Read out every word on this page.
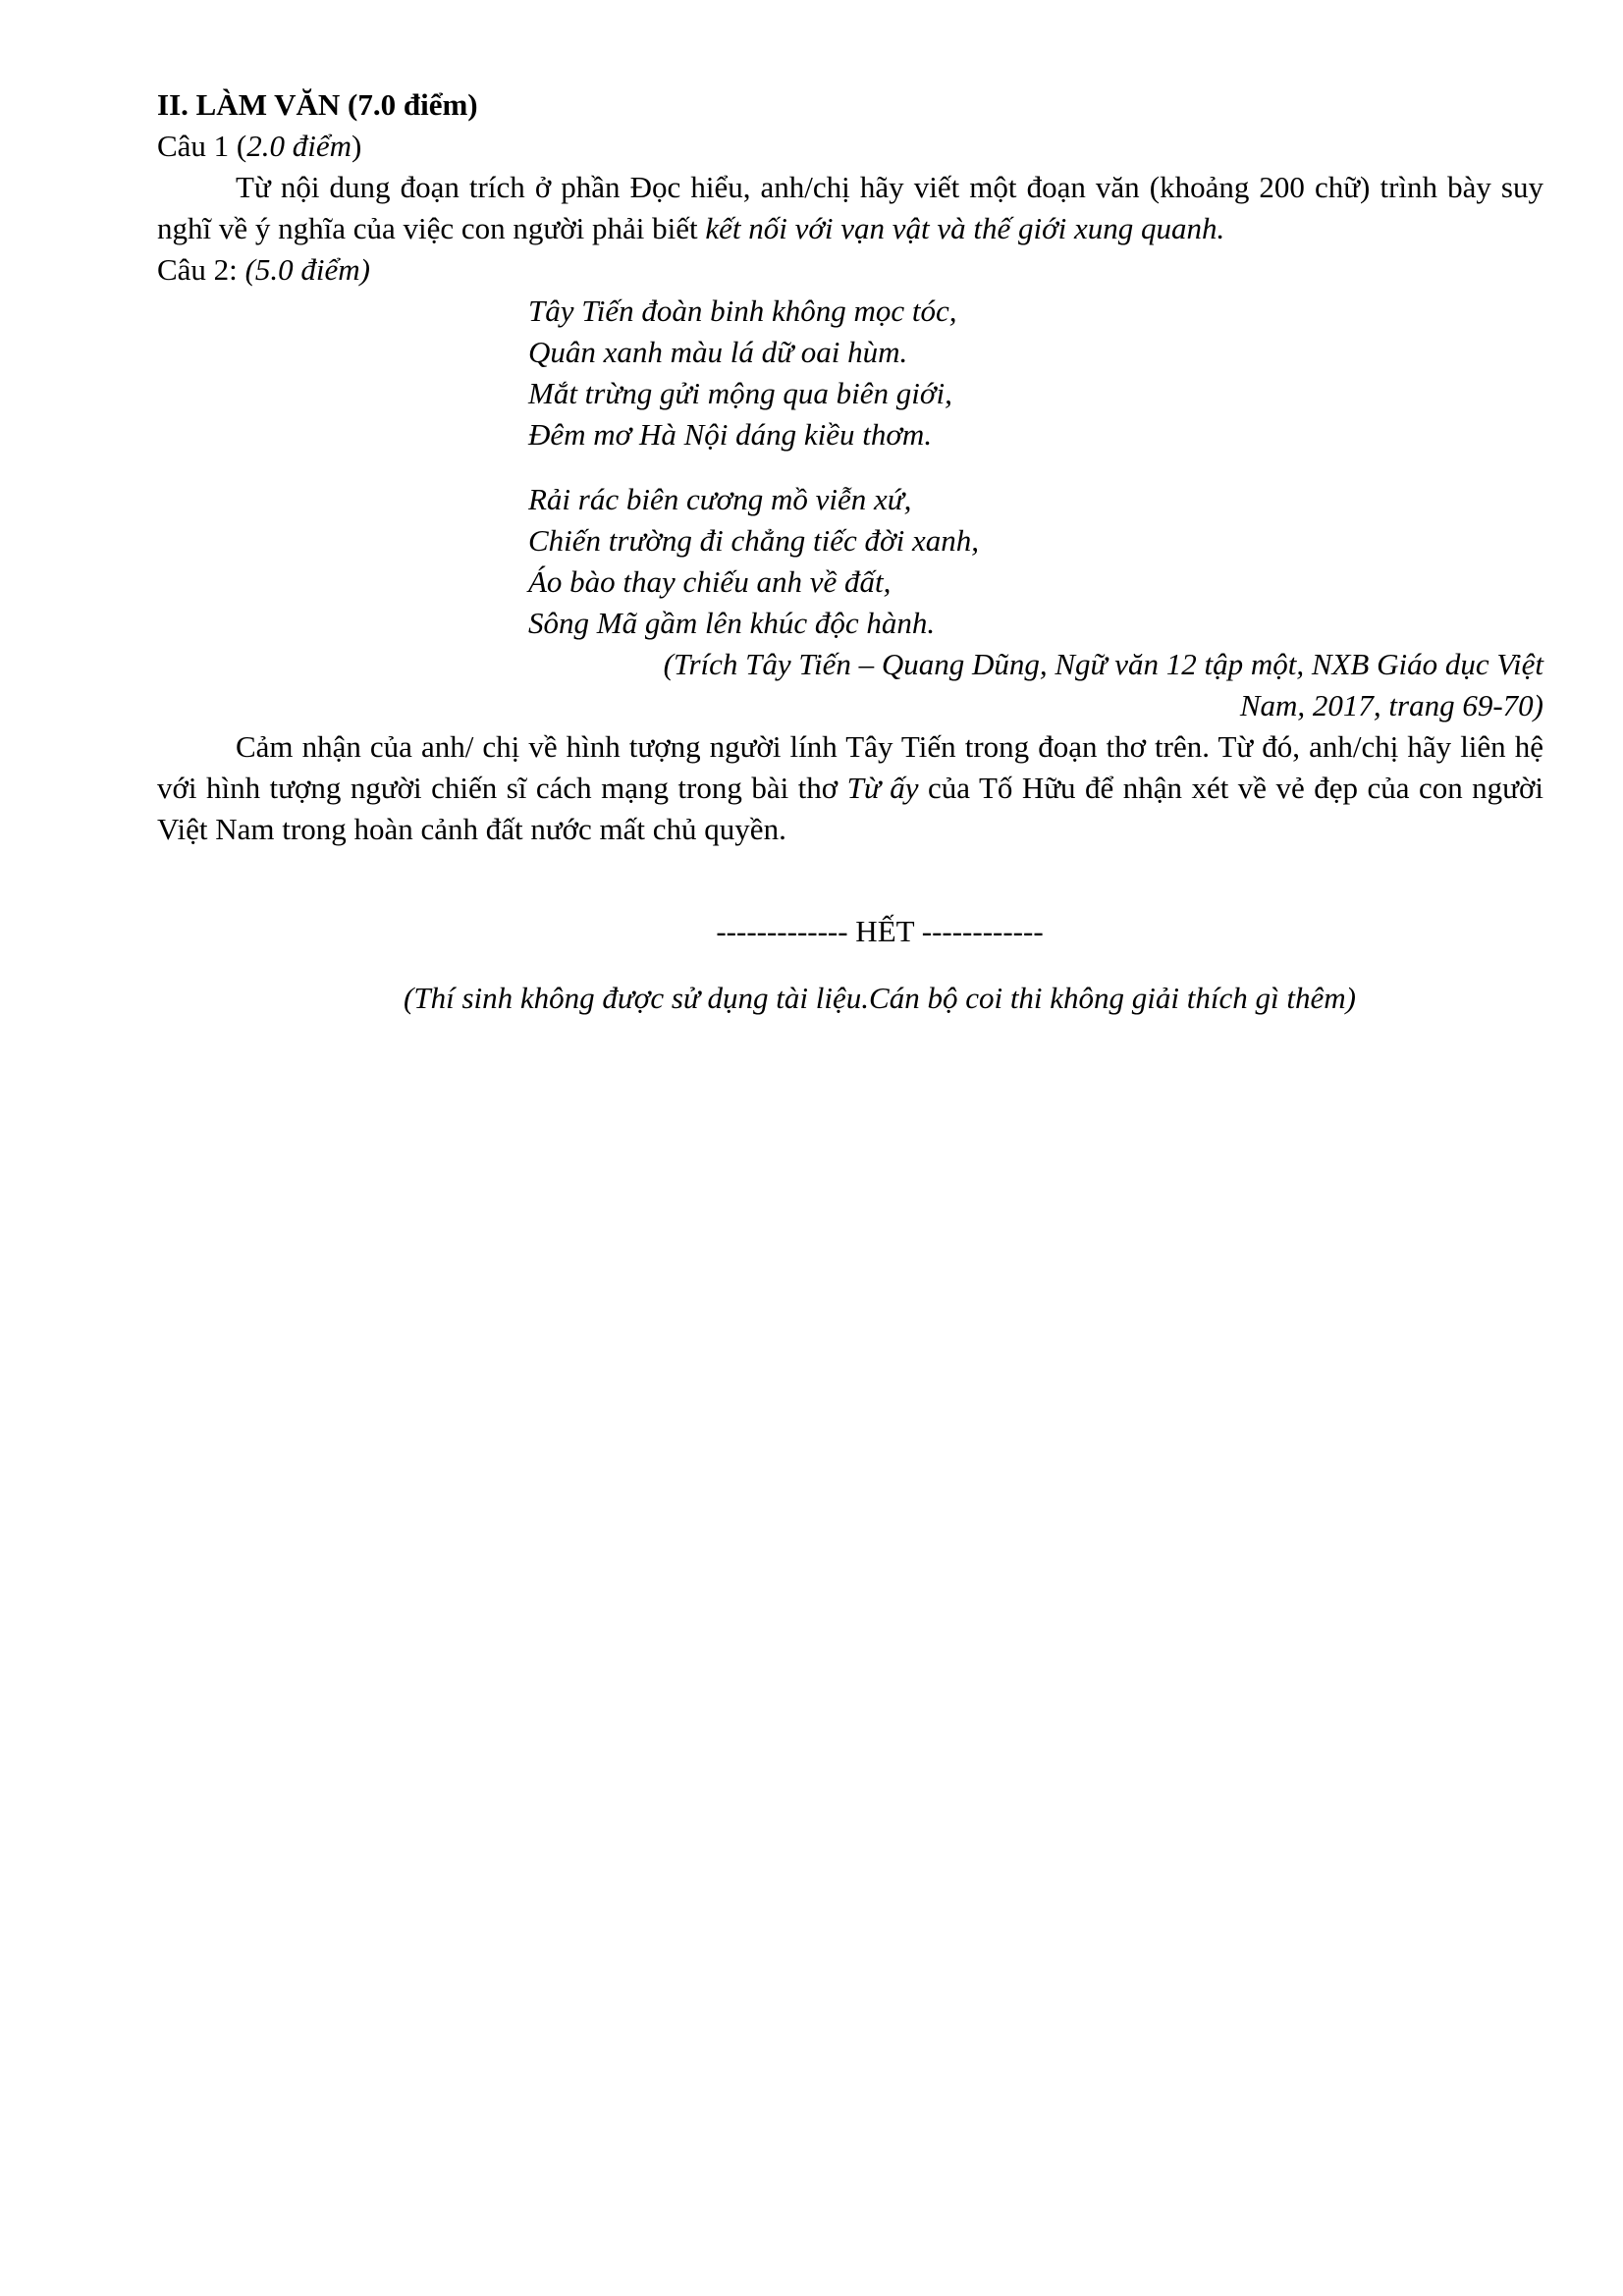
II. LÀM VĂN (7.0 điểm)

Câu 1 (2.0 điểm)

Từ nội dung đoạn trích ở phần Đọc hiểu, anh/chị hãy viết một đoạn văn (khoảng 200 chữ) trình bày suy nghĩ về ý nghĩa của việc con người phải biết kết nối với vạn vật và thế giới xung quanh.

Câu 2: (5.0 điểm)

Tây Tiến đoàn binh không mọc tóc,
Quân xanh màu lá dữ oai hùm.
Mắt trừng gửi mộng qua biên giới,
Đêm mơ Hà Nội dáng kiều thơm.
Rải rác biên cương mồ viễn xứ,
Chiến trường đi chẳng tiếc đời xanh,
Áo bào thay chiếu anh về đất,
Sông Mã gầm lên khúc độc hành.

(Trích Tây Tiến – Quang Dũng, Ngữ văn 12 tập một, NXB Giáo dục Việt Nam, 2017, trang 69-70)

Cảm nhận của anh/ chị về hình tượng người lính Tây Tiến trong đoạn thơ trên. Từ đó, anh/chị hãy liên hệ với hình tượng người chiến sĩ cách mạng trong bài thơ Từ ấy của Tố Hữu để nhận xét về vẻ đẹp của con người Việt Nam trong hoàn cảnh đất nước mất chủ quyền.

------------- HẾT ------------
(Thí sinh không được sử dụng tài liệu.Cán bộ coi thi không giải thích gì thêm)
